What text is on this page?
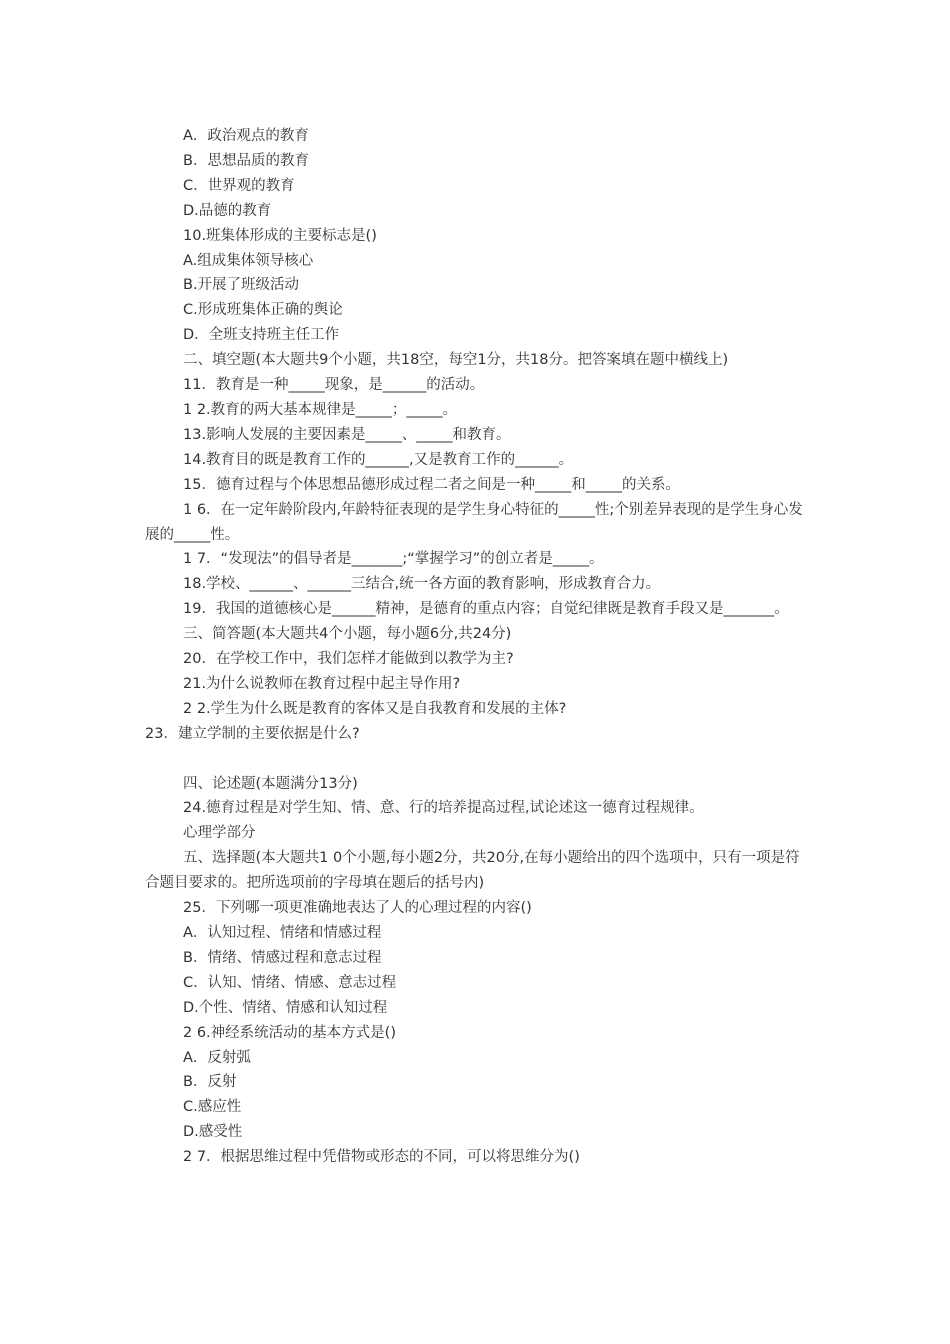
A．政治观点的教育

B．思想品质的教育

C．世界观的教育

D.品德的教育

10.班集体形成的主要标志是()

A.组成集体领导核心

B.开展了班级活动

C.形成班集体正确的舆论

D．全班支持班主任工作

二、填空题(本大题共9个小题，共18空，每空1分，共18分。把答案填在题中横线上)

11．教育是一种_____现象，是______的活动。

1 2.教育的两大基本规律是_____；_____。

13.影响人发展的主要因素是_____、_____和教育。

14.教育目的既是教育工作的______,又是教育工作的______。

15．德育过程与个体思想品德形成过程二者之间是一种_____和_____的关系。

1 6．在一定年龄阶段内,年龄特征表现的是学生身心特征的_____性;个别差异表现的是学生身心发展的_____性。

1 7．“发现法”的倡导者是_______;“掌握学习”的创立者是_____。

18.学校、______、______三结合,统一各方面的教育影响，形成教育合力。

19．我国的道德核心是______精神，是德育的重点内容；自觉纪律既是教育手段又是_______。

三、简答题(本大题共4个小题，每小题6分,共24分)

20．在学校工作中，我们怎样才能做到以教学为主?

21.为什么说教师在教育过程中起主导作用?

2 2.学生为什么既是教育的客体又是自我教育和发展的主体?

23．建立学制的主要依据是什么?

四、论述题(本题满分13分)

24.德育过程是对学生知、情、意、行的培养提高过程,试论述这一德育过程规律。

心理学部分

五、选择题(本大题共1 0个小题,每小题2分，共20分,在每小题给出的四个选项中，只有一项是符合题目要求的。把所选项前的字母填在题后的括号内)

25．下列哪一项更准确地表达了人的心理过程的内容()

A．认知过程、情绪和情感过程

B．情绪、情感过程和意志过程

C．认知、情绪、情感、意志过程

D.个性、情绪、情感和认知过程

2 6.神经系统活动的基本方式是()

A．反射弧

B．反射

C.感应性

D.感受性

2 7．根据思维过程中凭借物或形态的不同，可以将思维分为()
